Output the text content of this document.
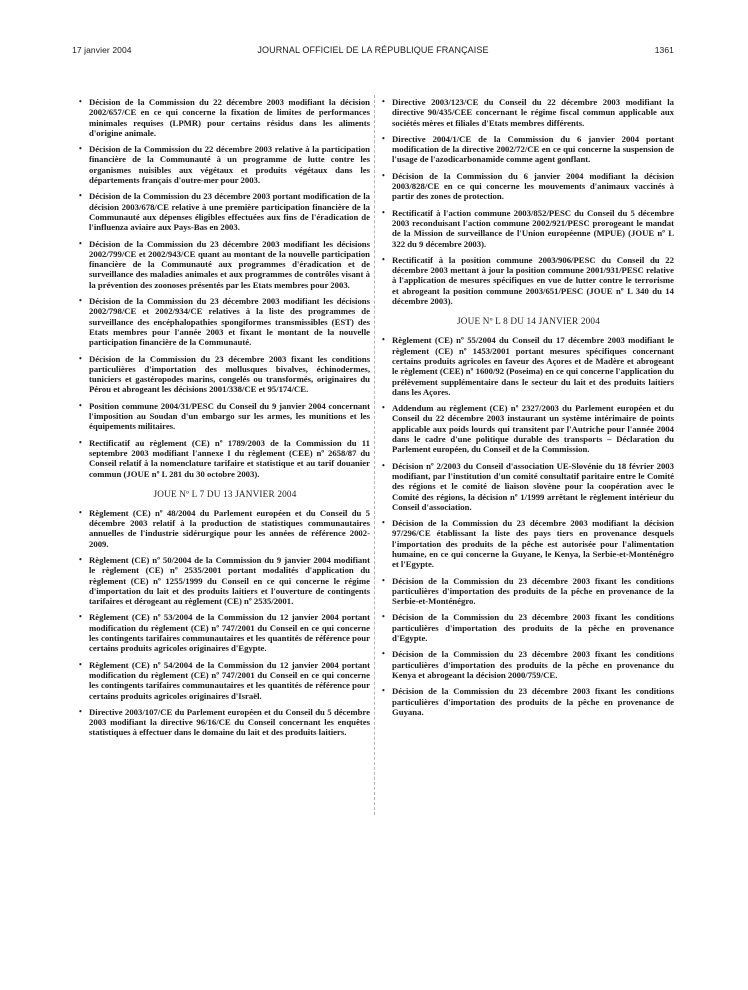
17 janvier 2004	JOURNAL OFFICIEL DE LA RÉPUBLIQUE FRANÇAISE	1361
• Décision de la Commission du 22 décembre 2003 modifiant la décision 2002/657/CE en ce qui concerne la fixation de limites de performances minimales requises (LPMR) pour certains résidus dans les aliments d'origine animale.
• Décision de la Commission du 22 décembre 2003 relative à la participation financière de la Communauté à un programme de lutte contre les organismes nuisibles aux végétaux et produits végétaux dans les départements français d'outre-mer pour 2003.
• Décision de la Commission du 23 décembre 2003 portant modification de la décision 2003/678/CE relative à une première participation financière de la Communauté aux dépenses éligibles effectuées aux fins de l'éradication de l'influenza aviaire aux Pays-Bas en 2003.
• Décision de la Commission du 23 décembre 2003 modifiant les décisions 2002/799/CE et 2002/943/CE quant au montant de la nouvelle participation financière de la Communauté aux programmes d'éradication et de surveillance des maladies animales et aux programmes de contrôles visant à la prévention des zoonoses présentés par les Etats membres pour 2003.
• Décision de la Commission du 23 décembre 2003 modifiant les décisions 2002/798/CE et 2002/934/CE relatives à la liste des programmes de surveillance des encéphalopathies spongiformes transmissibles (EST) des Etats membres pour l'année 2003 et fixant le montant de la nouvelle participation financière de la Communauté.
• Décision de la Commission du 23 décembre 2003 fixant les conditions particulières d'importation des mollusques bivalves, échinodermes, tuniciers et gastéropodes marins, congelés ou transformés, originaires du Pérou et abrogeant les décisions 2001/338/CE et 95/174/CE.
• Position commune 2004/31/PESC du Conseil du 9 janvier 2004 concernant l'imposition au Soudan d'un embargo sur les armes, les munitions et les équipements militaires.
• Rectificatif au règlement (CE) nº 1789/2003 de la Commission du 11 septembre 2003 modifiant l'annexe I du règlement (CEE) nº 2658/87 du Conseil relatif à la nomenclature tarifaire et statistique et au tarif douanier commun (JOUE nº L 281 du 30 octobre 2003).
JOUE Nº L 7 DU 13 JANVIER 2004
• Règlement (CE) nº 48/2004 du Parlement européen et du Conseil du 5 décembre 2003 relatif à la production de statistiques communautaires annuelles de l'industrie sidérurgique pour les années de référence 2002-2009.
• Règlement (CE) nº 50/2004 de la Commission du 9 janvier 2004 modifiant le règlement (CE) nº 2535/2001 portant modalités d'application du règlement (CE) nº 1255/1999 du Conseil en ce qui concerne le régime d'importation du lait et des produits laitiers et l'ouverture de contingents tarifaires et dérogeant au règlement (CE) nº 2535/2001.
• Règlement (CE) nº 53/2004 de la Commission du 12 janvier 2004 portant modification du règlement (CE) nº 747/2001 du Conseil en ce qui concerne les contingents tarifaires communautaires et les quantités de référence pour certains produits agricoles originaires d'Egypte.
• Règlement (CE) nº 54/2004 de la Commission du 12 janvier 2004 portant modification du règlement (CE) nº 747/2001 du Conseil en ce qui concerne les contingents tarifaires communautaires et les quantités de référence pour certains produits agricoles originaires d'Israël.
• Directive 2003/107/CE du Parlement européen et du Conseil du 5 décembre 2003 modifiant la directive 96/16/CE du Conseil concernant les enquêtes statistiques à effectuer dans le domaine du lait et des produits laitiers.
• Directive 2003/123/CE du Conseil du 22 décembre 2003 modifiant la directive 90/435/CEE concernant le régime fiscal commun applicable aux sociétés mères et filiales d'Etats membres différents.
• Directive 2004/1/CE de la Commission du 6 janvier 2004 portant modification de la directive 2002/72/CE en ce qui concerne la suspension de l'usage de l'azodicarbonamide comme agent gonflant.
• Décision de la Commission du 6 janvier 2004 modifiant la décision 2003/828/CE en ce qui concerne les mouvements d'animaux vaccinés à partir des zones de protection.
• Rectificatif à l'action commune 2003/852/PESC du Conseil du 5 décembre 2003 reconduisant l'action commune 2002/921/PESC prorogeant le mandat de la Mission de surveillance de l'Union européenne (MPUE) (JOUE nº L 322 du 9 décembre 2003).
• Rectificatif à la position commune 2003/906/PESC du Conseil du 22 décembre 2003 mettant à jour la position commune 2001/931/PESC relative à l'application de mesures spécifiques en vue de lutter contre le terrorisme et abrogeant la position commune 2003/651/PESC (JOUE nº L 340 du 14 décembre 2003).
JOUE Nº L 8 DU 14 JANVIER 2004
• Règlement (CE) nº 55/2004 du Conseil du 17 décembre 2003 modifiant le règlement (CE) nº 1453/2001 portant mesures spécifiques concernant certains produits agricoles en faveur des Açores et de Madère et abrogeant le règlement (CEE) nº 1600/92 (Poseima) en ce qui concerne l'application du prélèvement supplémentaire dans le secteur du lait et des produits laitiers dans les Açores.
• Addendum au règlement (CE) nº 2327/2003 du Parlement européen et du Conseil du 22 décembre 2003 instaurant un système intérimaire de points applicable aux poids lourds qui transitent par l'Autriche pour l'année 2004 dans le cadre d'une politique durable des transports – Déclaration du Parlement européen, du Conseil et de la Commission.
• Décision nº 2/2003 du Conseil d'association UE-Slovénie du 18 février 2003 modifiant, par l'institution d'un comité consultatif paritaire entre le Comité des régions et le comité de liaison slovène pour la coopération avec le Comité des régions, la décision nº 1/1999 arrêtant le règlement intérieur du Conseil d'association.
• Décision de la Commission du 23 décembre 2003 modifiant la décision 97/296/CE établissant la liste des pays tiers en provenance desquels l'importation des produits de la pêche est autorisée pour l'alimentation humaine, en ce qui concerne la Guyane, le Kenya, la Serbie-et-Monténégro et l'Egypte.
• Décision de la Commission du 23 décembre 2003 fixant les conditions particulières d'importation des produits de la pêche en provenance de la Serbie-et-Monténégro.
• Décision de la Commission du 23 décembre 2003 fixant les conditions particulières d'importation des produits de la pêche en provenance d'Egypte.
• Décision de la Commission du 23 décembre 2003 fixant les conditions particulières d'importation des produits de la pêche en provenance du Kenya et abrogeant la décision 2000/759/CE.
• Décision de la Commission du 23 décembre 2003 fixant les conditions particulières d'importation des produits de la pêche en provenance de Guyana.
